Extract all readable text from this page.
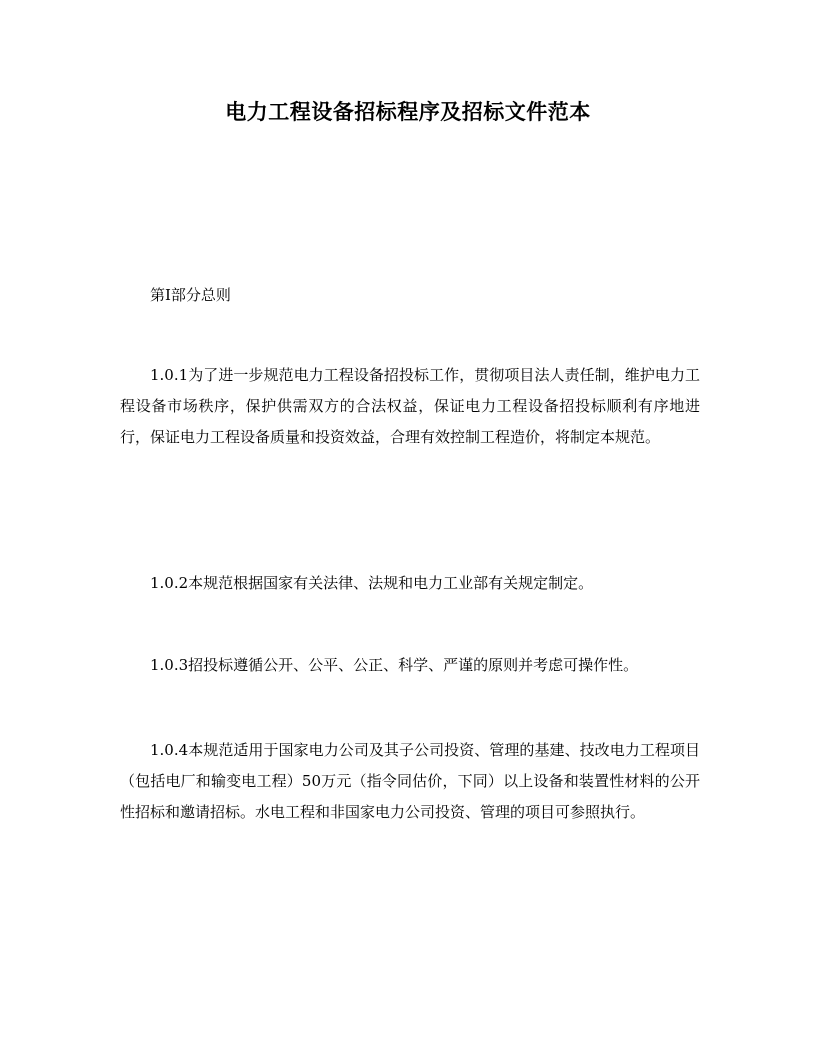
电力工程设备招标程序及招标文件范本

第I部分总则

1.0.1为了进一步规范电力工程设备招投标工作，贯彻项目法人责任制，维护电力工程设备市场秩序，保护供需双方的合法权益，保证电力工程设备招投标顺利有序地进行，保证电力工程设备质量和投资效益，合理有效控制工程造价，将制定本规范。

1.0.2本规范根据国家有关法律、法规和电力工业部有关规定制定。

1.0.3招投标遵循公开、公平、公正、科学、严谨的原则并考虑可操作性。

1.0.4本规范适用于国家电力公司及其子公司投资、管理的基建、技改电力工程项目（包括电厂和输变电工程）50万元（指令同估价，下同）以上设备和装置性材料的公开性招标和邀请招标。水电工程和非国家电力公司投资、管理的项目可参照执行。
